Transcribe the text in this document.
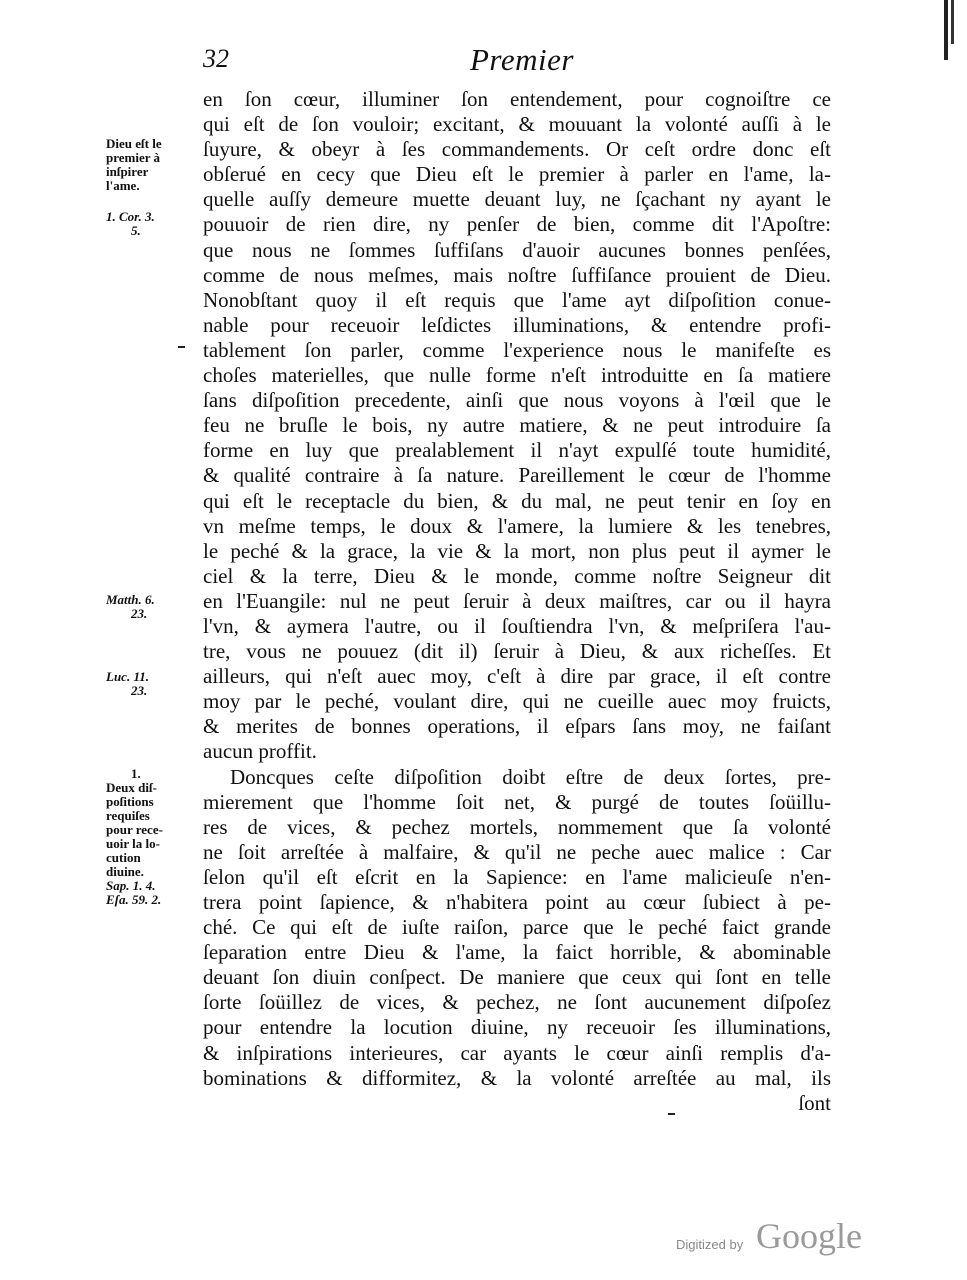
32	Premier
Dieu eſt le
premier à
inſpirer
l'ame.
1. Cor. 3.
5.
Matth. 6.
23.
Luc. 11.
23.
1.
Deux diſ-
poſitions
requiſes
pour rece-
uoir la lo-
cution
diuine.
Sap. 1. 4.
Eſa. 59. 2.
en ſon cœur, illuminer ſon entendement, pour cognoiſtre ce
qui eſt de ſon vouloir; excitant, & mouuant la volonté auſſi à le
ſuyure, & obeyr à ſes commandements. Or ceſt ordre donc eſt
obſerué en cecy que Dieu eſt le premier à parler en l'ame, la-
quelle auſſy demeure muette deuant luy, ne ſçachant ny ayant le
pouuoir de rien dire, ny penſer de bien, comme dit l'Apoſtre:
que nous ne ſommes ſuffiſans d'auoir aucunes bonnes penſées,
comme de nous meſmes, mais noſtre ſuffiſance prouient de Dieu.
Nonobſtant quoy il eſt requis que l'ame ayt diſpoſition conue-
nable pour receuoir leſdictes illuminations, & entendre profi-
tablement ſon parler, comme l'experience nous le manifeſte es
choſes materielles, que nulle forme n'eſt introduitte en ſa matiere
ſans diſpoſition precedente, ainſi que nous voyons à l'œil que le
feu ne bruſle le bois, ny autre matiere, & ne peut introduire ſa
forme en luy que prealablement il n'ayt expulſé toute humidité,
& qualité contraire à ſa nature. Pareillement le cœur de l'homme
qui eſt le receptacle du bien, & du mal, ne peut tenir en ſoy en
vn meſme temps, le doux & l'amere, la lumiere & les tenebres,
le peché & la grace, la vie & la mort, non plus peut il aymer le
ciel & la terre, Dieu & le monde, comme noſtre Seigneur dit
en l'Euangile: nul ne peut ſeruir à deux maiſtres, car ou il hayra
l'vn, & aymera l'autre, ou il ſouſtiendra l'vn, & meſpriſera l'au-
tre, vous ne pouuez (dit il) ſeruir à Dieu, & aux richeſſes. Et
ailleurs, qui n'eſt auec moy, c'eſt à dire par grace, il eſt contre
moy par le peché, voulant dire, qui ne cueille auec moy fruicts,
& merites de bonnes operations, il eſpars ſans moy, ne faiſant
aucun proffit.
Doncques ceſte diſpoſition doibt eſtre de deux ſortes, pre-
mierement que l'homme ſoit net, & purgé de toutes ſoüillu-
res de vices, & pechez mortels, nommement que ſa volonté
ne ſoit arreſtée à malfaire, & qu'il ne peche auec malice : Car
ſelon qu'il eſt eſcrit en la Sapience: en l'ame malicieuſe n'en-
trera point ſapience, & n'habitera point au cœur ſubiect à pe-
ché. Ce qui eſt de iuſte raiſon, parce que le peché faict grande
ſeparation entre Dieu & l'ame, la faict horrible, & abominable
deuant ſon diuin conſpect. De maniere que ceux qui ſont en telle
ſorte ſoüillez de vices, & pechez, ne ſont aucunement diſpoſez
pour entendre la locution diuine, ny receuoir ſes illuminations,
& inſpirations interieures, car ayants le cœur ainſi remplis d'a-
bominations & difformitez, & la volonté arreſtée au mal, ils
ſont
Digitized by Google
